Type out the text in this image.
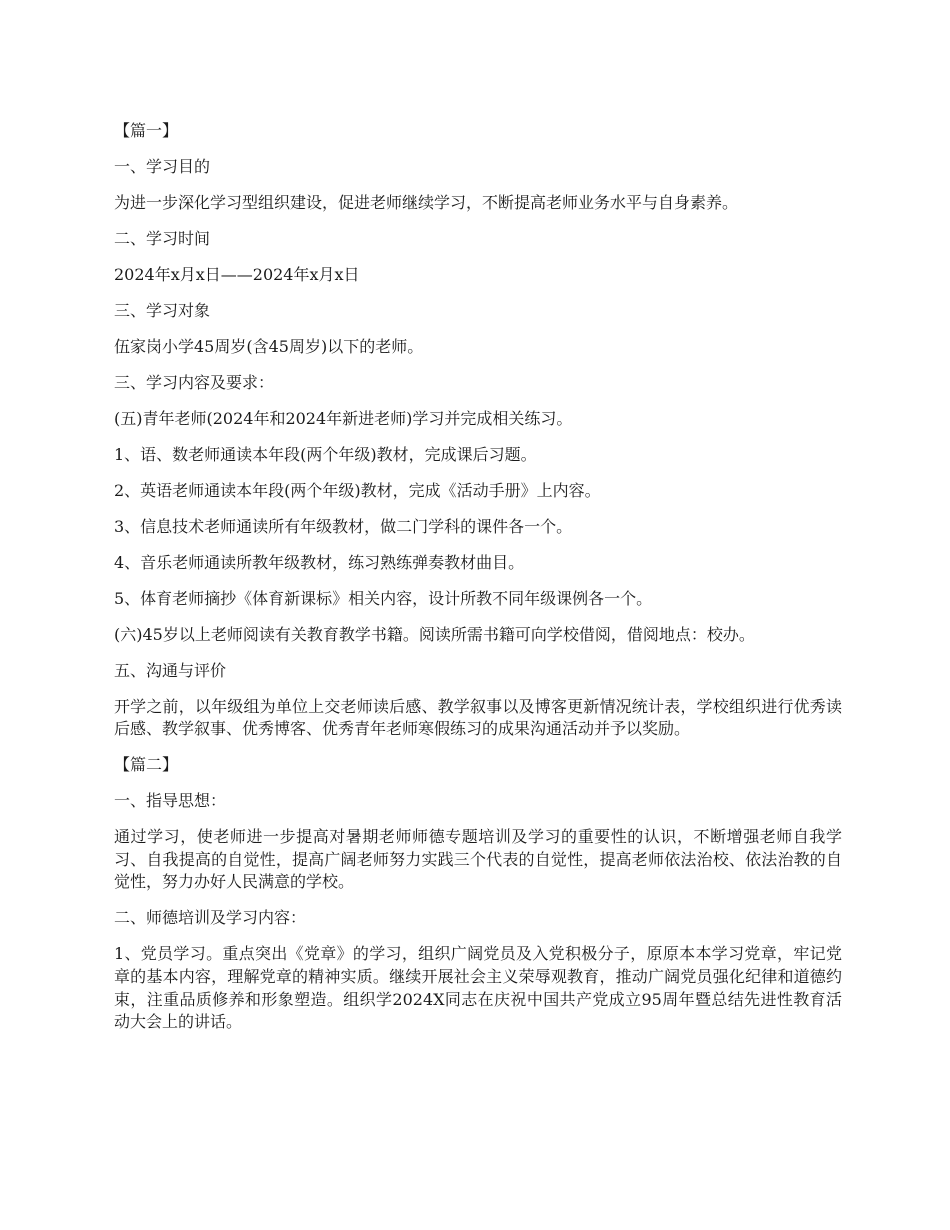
【篇一】

一、学习目的

为进一步深化学习型组织建设，促进老师继续学习，不断提高老师业务水平与自身素养。

二、学习时间

2024年x月x日——2024年x月x日

三、学习对象

伍家岗小学45周岁(含45周岁)以下的老师。

三、学习内容及要求：

(五)青年老师(2024年和2024年新进老师)学习并完成相关练习。

1、语、数老师通读本年段(两个年级)教材，完成课后习题。

2、英语老师通读本年段(两个年级)教材，完成《活动手册》上内容。

3、信息技术老师通读所有年级教材，做二门学科的课件各一个。

4、音乐老师通读所教年级教材，练习熟练弹奏教材曲目。

5、体育老师摘抄《体育新课标》相关内容，设计所教不同年级课例各一个。

(六)45岁以上老师阅读有关教育教学书籍。阅读所需书籍可向学校借阅，借阅地点：校办。

五、沟通与评价

开学之前，以年级组为单位上交老师读后感、教学叙事以及博客更新情况统计表，学校组织进行优秀读后感、教学叙事、优秀博客、优秀青年老师寒假练习的成果沟通活动并予以奖励。

【篇二】

一、指导思想：

通过学习，使老师进一步提高对暑期老师师德专题培训及学习的重要性的认识，不断增强老师自我学习、自我提高的自觉性，提高广阔老师努力实践三个代表的自觉性，提高老师依法治校、依法治教的自觉性，努力办好人民满意的学校。

二、师德培训及学习内容：

1、党员学习。重点突出《党章》的学习，组织广阔党员及入党积极分子，原原本本学习党章，牢记党章的基本内容，理解党章的精神实质。继续开展社会主义荣辱观教育，推动广阔党员强化纪律和道德约束，注重品质修养和形象塑造。组织学2024X同志在庆祝中国共产党成立95周年暨总结先进性教育活动大会上的讲话。
